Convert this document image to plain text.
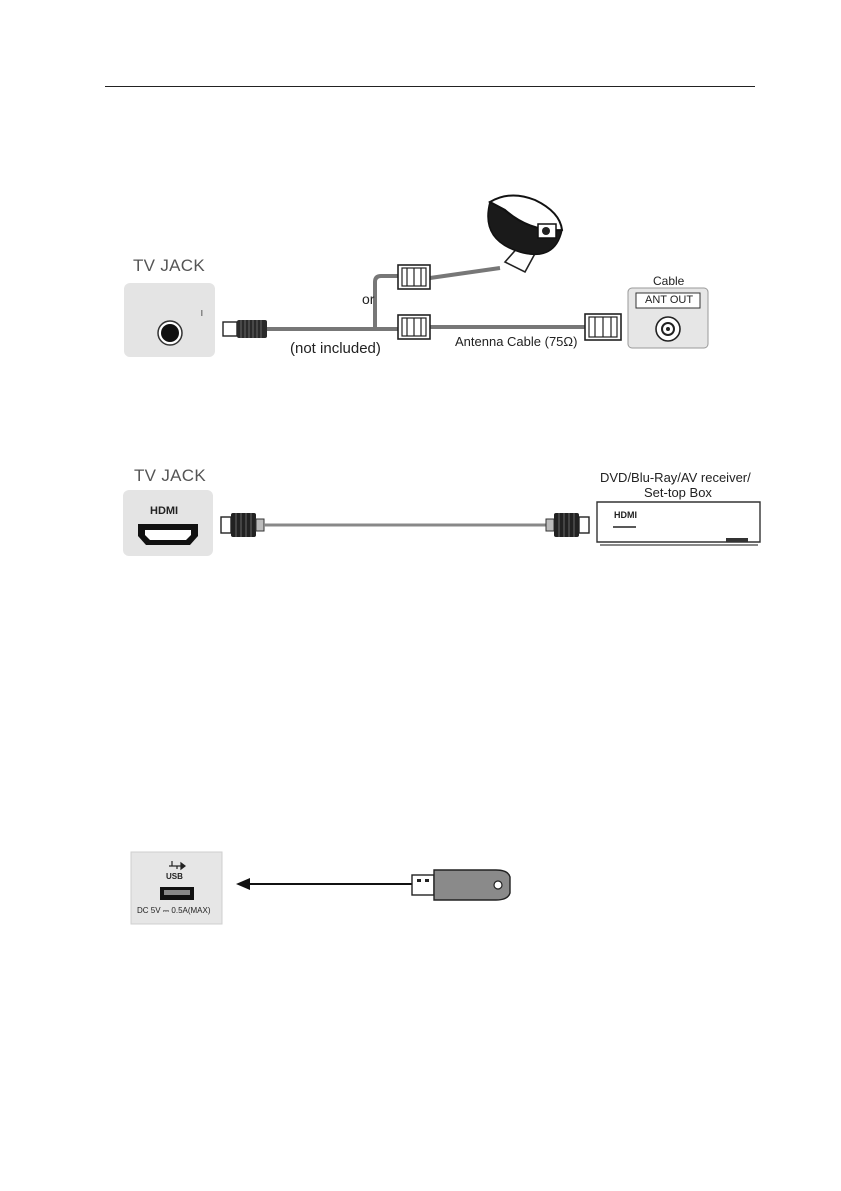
TV JACK
or
Cable
ANT OUT
(not included)	Antenna Cable (75Ω)
TV JACK
HDMI
DVD/Blu-Ray/AV receiver/
Set-top Box
HDMI
USB
DC 5V ⎓ 0.5A(MAX)
